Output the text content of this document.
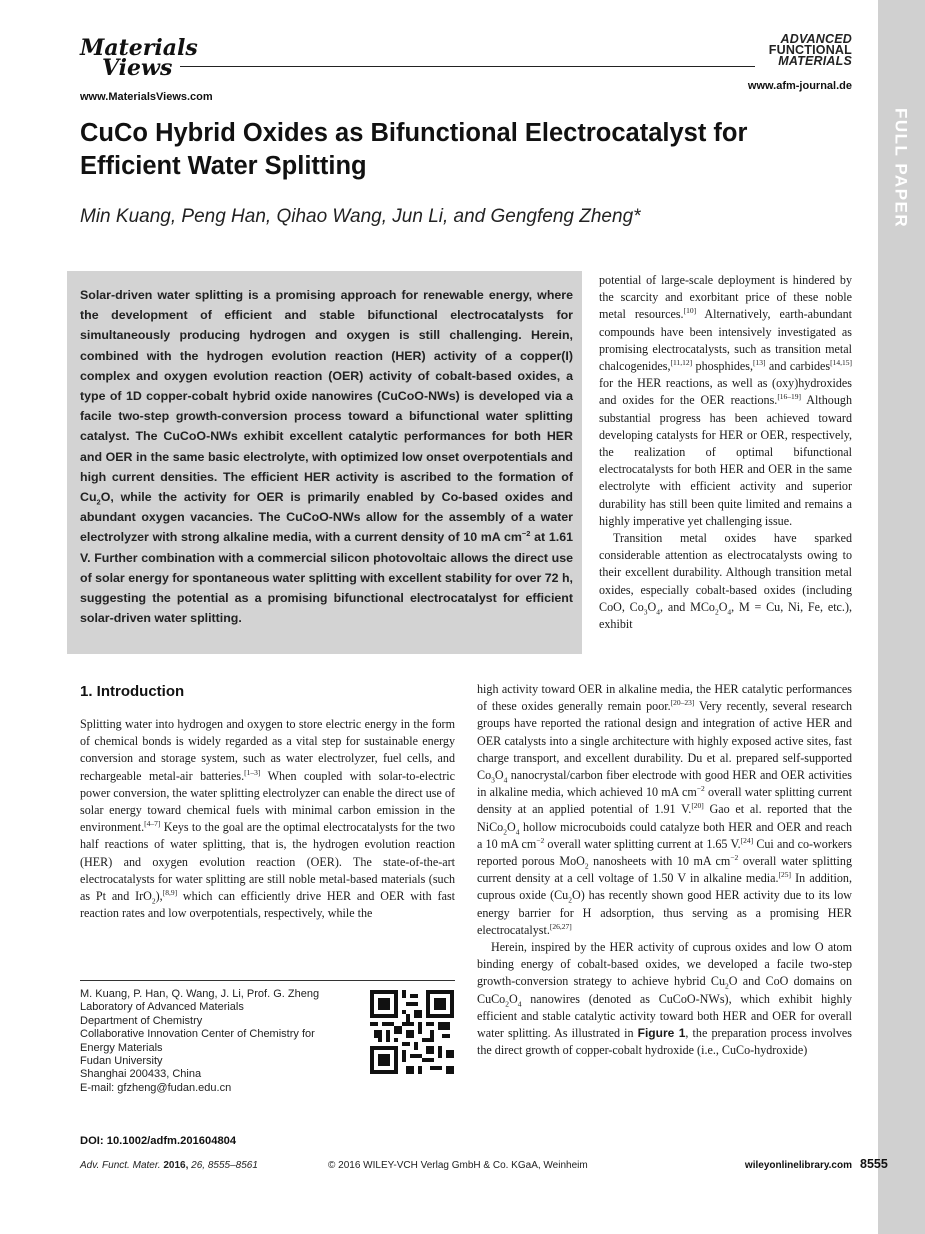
Materials
Views
www.MaterialsViews.com
ADVANCED
FUNCTIONAL
MATERIALS
www.afm-journal.de
FULL PAPER
CuCo Hybrid Oxides as Bifunctional Electrocatalyst for Efficient Water Splitting
Min Kuang, Peng Han, Qihao Wang, Jun Li, and Gengfeng Zheng*
Solar-driven water splitting is a promising approach for renewable energy, where the development of efficient and stable bifunctional electrocatalysts for simultaneously producing hydrogen and oxygen is still challenging. Herein, combined with the hydrogen evolution reaction (HER) activity of a copper(I) complex and oxygen evolution reaction (OER) activity of cobalt-based oxides, a type of 1D copper-cobalt hybrid oxide nanowires (CuCoO-NWs) is developed via a facile two-step growth-conversion process toward a bifunctional water splitting catalyst. The CuCoO-NWs exhibit excellent catalytic performances for both HER and OER in the same basic electrolyte, with optimized low onset overpotentials and high current densities. The efficient HER activity is ascribed to the formation of $Cu_2O$, while the activity for OER is primarily enabled by Co-based oxides and abundant oxygen vacancies. The CuCoO-NWs allow for the assembly of a water electrolyzer with strong alkaline media, with a current density of 10 mA $cm^{-2}$ at 1.61 V. Further combination with a commercial silicon photovoltaic allows the direct use of solar energy for spontaneous water splitting with excellent stability for over 72 h, suggesting the potential as a promising bifunctional electrocatalyst for efficient solar-driven water splitting.

potential of large-scale deployment is hindered by the scarcity and exorbitant price of these noble metal resources.[10] Alternatively, earth-abundant compounds have been intensively investigated as promising electrocatalysts, such as transition metal chalcogenides,[11,12] phosphides,[13] and carbides[14,15] for the HER reactions, as well as (oxy)hydroxides and oxides for the OER reactions.[16–19] Although substantial progress has been achieved toward developing catalysts for HER or OER, respectively, the realization of optimal bifunctional electrocatalysts for both HER and OER in the same electrolyte with efficient activity and superior durability has still been quite limited and remains a highly imperative yet challenging issue.

Transition metal oxides have sparked considerable attention as electrocatalysts owing to their excellent durability. Although transition metal oxides, especially cobalt-based oxides (including CoO, $Co_3O_4$, and $MCo_2O_4$, M = Cu, Ni, Fe, etc.), exhibit

high activity toward OER in alkaline media, the HER catalytic performances of these oxides generally remain poor.[20–23] Very recently, several research groups have reported the rational design and integration of active HER and OER catalysts into a single architecture with highly exposed active sites, fast charge transport, and excellent durability. Du et al. prepared self-supported $Co_3O_4$ nanocrystal/carbon fiber electrode with good HER and OER activities in alkaline media, which achieved 10 mA $cm^{-2}$ overall water splitting current density at an applied potential of 1.91 V.[20] Gao et al. reported that the $NiCo_2O_4$ hollow microcuboids could catalyze both HER and OER and reach a 10 mA $cm^{-2}$ overall water splitting current at 1.65 V.[24] Cui and co-workers reported porous MoO$_2$ nanosheets with 10 mA $cm^{-2}$ overall water splitting current density at a cell voltage of 1.50 V in alkaline media.[25] In addition, cuprous oxide $(Cu_2O)$ has recently shown good HER activity due to its low energy barrier for H adsorption, thus serving as a promising HER electrocatalyst.[26,27]

Herein, inspired by the HER activity of cuprous oxides and low O atom binding energy of cobalt-based oxides, we developed a facile two-step growth-conversion strategy to achieve hybrid $Cu_2O$ and CoO domains on $CuCo_2O_4$ nanowires (denoted as CuCoO-NWs), which exhibit highly efficient and stable catalytic activity toward both HER and OER for overall water splitting. As illustrated in Figure 1, the preparation process involves the direct growth of copper-cobalt hydroxide (i.e., CuCo-hydroxide)

1. Introduction

Splitting water into hydrogen and oxygen to store electric energy in the form of chemical bonds is widely regarded as a vital step for sustainable energy conversion and storage system, such as water electrolyzer, fuel cells, and rechargeable metal-air batteries.[1–3] When coupled with solar-to-electric power conversion, the water splitting electrolyzer can enable the direct use of solar energy toward chemical fuels with minimal carbon emission in the environment.[4–7] Keys to the goal are the optimal electrocatalysts for the two half reactions of water splitting, that is, the hydrogen evolution reaction (HER) and oxygen evolution reaction (OER). The state-of-the-art electrocatalysts for water splitting are still noble metal-based materials (such as Pt and IrO$_2$),[8,9] which can efficiently drive HER and OER with fast reaction rates and low overpotentials, respectively, while the

M. Kuang, P. Han, Q. Wang, J. Li, Prof. G. Zheng
Laboratory of Advanced Materials
Department of Chemistry
Collaborative Innovation Center of Chemistry for
Energy Materials
Fudan University
Shanghai 200433, China
E-mail: gfzheng@fudan.edu.cn
DOI: 10.1002/adfm.201604804
Adv. Funct. Mater. 2016, 26, 8555–8561	© 2016 WILEY-VCH Verlag GmbH & Co. KGaA, Weinheim	wileyonlinelibrary.com 8555
